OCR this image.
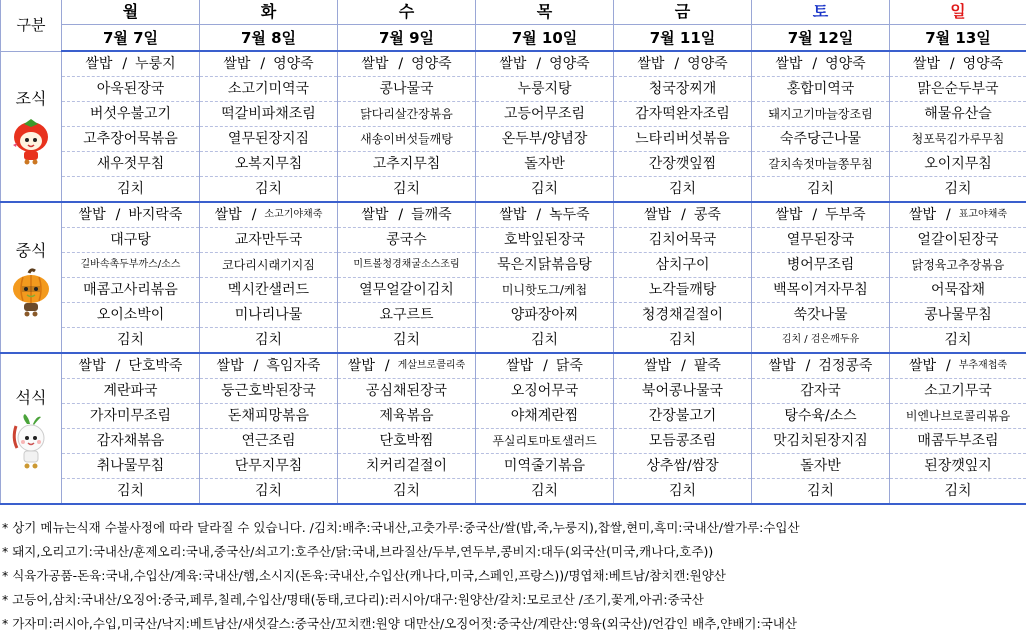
구분	월	화	수	목	금	토	일
	7월 7일	7월 8일	7월 9일	7월 10일	7월 11일	7월 12일	7월 13일

조식	쌀밥 / 누룽지	쌀밥 / 영양죽	쌀밥 / 영양죽	쌀밥 / 영양죽	쌀밥 / 영양죽	쌀밥 / 영양죽	쌀밥 / 영양죽

	아욱된장국	소고기미역국	콩나물국	누룽지탕	청국장찌개	홍합미역국	맑은순두부국
	버섯우불고기	떡갈비파채조림	닭다리살간장볶음	고등어무조림	감자떡완자조림	돼지고기마늘장조림	해물유산슬
	고추장어묵볶음	열무된장지짐	새송이버섯들깨탕	온두부/양념장	느타리버섯볶음	숙주당근나물	청포묵김가루무침
	새우젓무침	오복지무침	고추지무침	돌자반	간장깻잎찜	갈치속젓마늘쫑무침	오이지무침
	김치	김치	김치	김치	김치	김치	김치

중식	쌀밥 / 바지락죽	쌀밥 / 소고기야채죽	쌀밥 / 들깨죽	쌀밥 / 녹두죽	쌀밥 / 콩죽	쌀밥 / 두부죽	쌀밥 / 표고야채죽

	대구탕	교자만두국	콩국수	호박잎된장국	김치어묵국	열무된장국	얼갈이된장국
	길바속촉두부까스/소스	코다리시래기지짐	미트볼청경채굴소스조림	묵은지닭볶음탕	삼치구이	병어무조림	닭정육고추장볶음
	매콤고사리볶음	멕시칸샐러드	열무얼갈이김치	미니핫도그/케첩	노각들깨탕	백목이겨자무침	어묵잡채
	오이소박이	미나리나물	요구르트	양파장아찌	청경채겉절이	쑥갓나물	콩나물무침
	김치	김치	김치	김치	김치	김치 / 검은깨두유	김치

석식	쌀밥 / 단호박죽	쌀밥 / 흑임자죽	쌀밥 / 게살브로콜리죽	쌀밥 / 닭죽	쌀밥 / 팥죽	쌀밥 / 검정콩죽	쌀밥 / 부추재첩죽

	계란파국	둥근호박된장국	공심채된장국	오징어무국	북어콩나물국	감자국	소고기무국
	가자미무조림	돈채피망볶음	제육볶음	야채계란찜	간장불고기	탕수육/소스	비엔나브로콜리볶음
	감자채볶음	연근조림	단호박찜	푸실리토마토샐러드	모듬콩조림	맛김치된장지짐	매콤두부조림
	취나물무침	단무지무침	치커리겉절이	미역줄기볶음	상추쌈/쌈장	돌자반	된장깻잎지
	김치	김치	김치	김치	김치	김치	김치
* 상기 메뉴는식재 수불사정에 따라 달라질 수 있습니다. /김치:배추:국내산,고춧가루:중국산/쌀(밥,죽,누룽지),찹쌀,현미,흑미:국내산/쌀가루:수입산
* 돼지,오리고기:국내산/훈제오리:국내,중국산/쇠고기:호주산/닭:국내,브라질산/두부,연두부,콩비지:대두(외국산(미국,캐나다,호주))
* 식육가공품-돈육:국내,수입산/계육:국내산/햄,소시지(돈육:국내산,수입산(캐나다,미국,스페인,프랑스))/명엽채:베트남/참치캔:원양산
* 고등어,삼치:국내산/오징어:중국,페루,칠레,수입산/명태(동태,코다리):러시아/대구:원양산/갈치:모로코산 /조기,꽃게,아귀:중국산
* 가자미:러시아,수입,미국산/낙지:베트남산/새섯갈스:중국산/꼬치캔:원양 대만산/오징어젓:중국산/계란산:영육(외국산)/언감인 배추,얀배기:국내산
